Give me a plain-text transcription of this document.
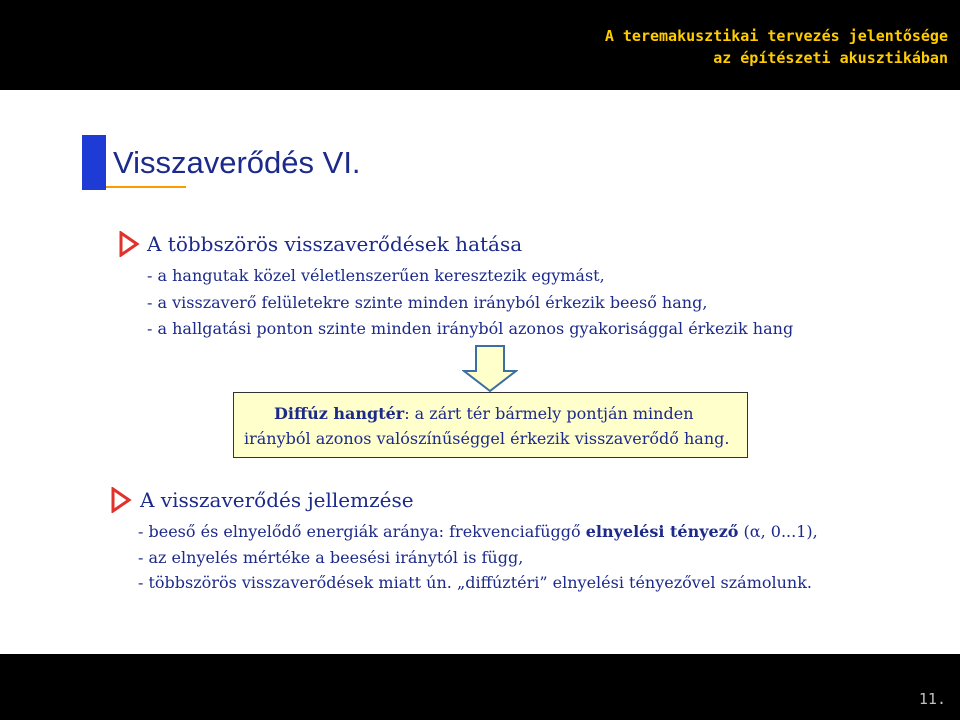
A teremakusztikai tervezés jelentősége
az építészeti akusztikában
Visszaverődés VI.
A többszörös visszaverődések hatása
- a hangutak közel véletlenszerűen keresztezik egymást,
- a visszaverő felületekre szinte minden irányból érkezik beeső hang,
- a hallgatási ponton szinte minden irányból azonos gyakorisággal érkezik hang
Diffúz hangtér: a zárt tér bármely pontján minden
irányból azonos valószínűséggel érkezik visszaverődő hang.
A visszaverődés jellemzése
- beeső és elnyelődő energiák aránya: frekvenciafüggő elnyelési tényező (α, 0...1),
- az elnyelés mértéke a beesési iránytól is függ,
- többszörös visszaverődések miatt ún. „diffúztéri” elnyelési tényezővel számolunk.
11.
